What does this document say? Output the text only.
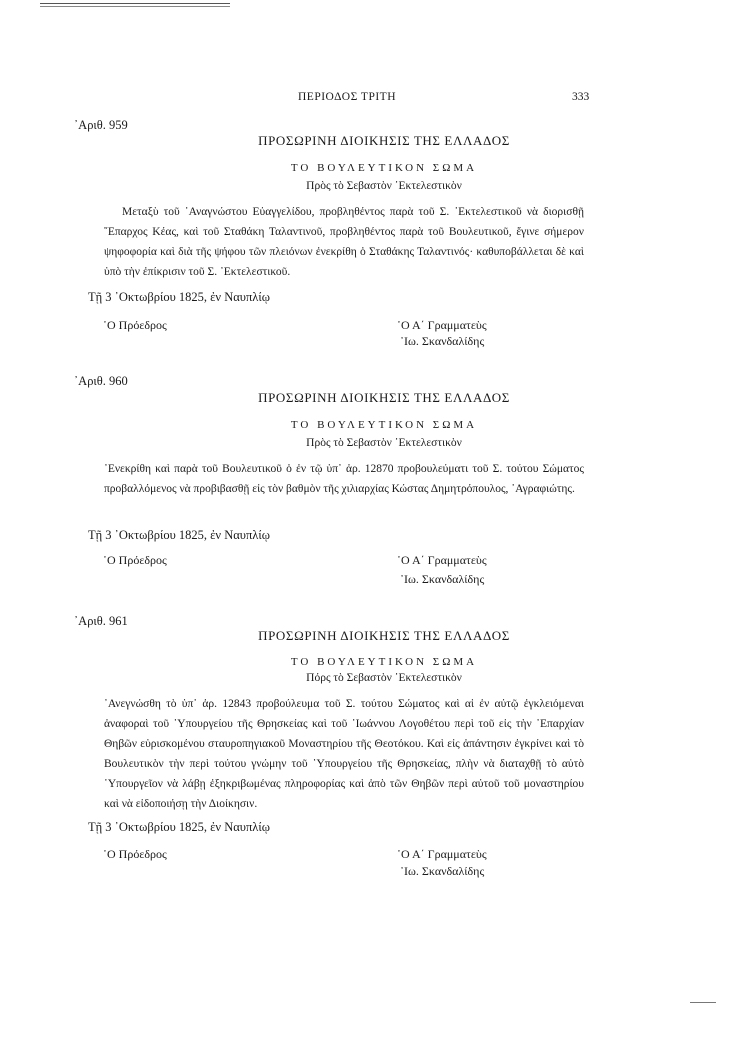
ΠΕΡΙΟΔΟΣ ΤΡΙΤΗ	333
᾽Αριθ. 959
ΠΡΟΣΩΡΙΝΗ ΔΙΟΙΚΗΣΙΣ ΤΗΣ ΕΛΛΑΔΟΣ
ΤΟ ΒΟΥΛΕΥΤΙΚΟΝ ΣΩΜΑ
Πρὸς τὸ Σεβαστὸν ᾽Εκτελεστικὸν

Μεταξὺ τοῦ ᾽Αναγνώστου Εὐαγγελίδου, προβληθέντος παρὰ τοῦ Σ. ᾽Εκτελεστικοῦ νὰ διορισθῇ ῞Επαρχος Κέας, καὶ τοῦ Σταθάκη Ταλαντινοῦ, προβληθέντος παρὰ τοῦ Βουλευτικοῦ, ἔγινε σήμερον ψηφοφορία καὶ διὰ τῆς ψήφου τῶν πλειόνων ἐνεκρίθη ὁ Σταθάκης Ταλαντινός· καθυποβάλλεται δὲ καὶ ὑπὸ τὴν ἐπίκρισιν τοῦ Σ. ᾽Εκτελεστικοῦ.

Τῇ 3 ᾽Οκτωβρίου 1825, ἐν Ναυπλίῳ
῾Ο Πρόεδρος	῾Ο Α΄ Γραμματεὺς
᾽Ιω. Σκανδαλίδης
᾽Αριθ. 960
ΠΡΟΣΩΡΙΝΗ ΔΙΟΙΚΗΣΙΣ ΤΗΣ ΕΛΛΑΔΟΣ
ΤΟ ΒΟΥΛΕΥΤΙΚΟΝ ΣΩΜΑ
Πρὸς τὸ Σεβαστὸν ᾽Εκτελεστικὸν

᾽Ενεκρίθη καὶ παρὰ τοῦ Βουλευτικοῦ ὁ ἐν τῷ ὑπ᾽ ἀρ. 12870 προβουλεύματι τοῦ Σ. τούτου Σώματος προβαλλόμενος νὰ προβιβασθῇ εἰς τὸν βαθμὸν τῆς χιλιαρχίας Κώστας Δημητρόπουλος, ᾽Αγραφιώτης.

Τῇ 3 ᾽Οκτωβρίου 1825, ἐν Ναυπλίῳ
῾Ο Πρόεδρος	῾Ο Α΄ Γραμματεὺς
᾽Ιω. Σκανδαλίδης
᾽Αριθ. 961
ΠΡΟΣΩΡΙΝΗ ΔΙΟΙΚΗΣΙΣ ΤΗΣ ΕΛΛΑΔΟΣ
ΤΟ ΒΟΥΛΕΥΤΙΚΟΝ ΣΩΜΑ
Πόρς τὸ Σεβαστὸν ᾽Εκτελεστικὸν

᾽Ανεγνώσθη τὸ ὑπ᾽ ἀρ. 12843 προβούλευμα τοῦ Σ. τούτου Σώματος καὶ αἱ ἐν αὐτῷ ἐγκλειόμεναι ἀναφοραὶ τοῦ ῾Υπουργείου τῆς Θρησκείας καὶ τοῦ ᾽Ιωάννου Λογοθέτου περὶ τοῦ εἰς τὴν ᾽Επαρχίαν Θηβῶν εὑρισκομένου σταυροπηγιακοῦ Μοναστηρίου τῆς Θεοτόκου. Καὶ εἰς ἀπάντησιν ἐγκρίνει καὶ τὸ Βουλευτικὸν τὴν περὶ τούτου γνώμην τοῦ ῾Υπουργείου τῆς Θρησκείας, πλὴν νὰ διαταχθῇ τὸ αὐτὸ ῾Υπουργεῖον νὰ λάβῃ ἐξηκριβωμένας πληροφορίας καὶ ἀπὸ τῶν Θηβῶν περὶ αὐτοῦ τοῦ μοναστηρίου καὶ νὰ εἰδοποιήσῃ τὴν Διοίκησιν.

Τῇ 3 ᾽Οκτωβρίου 1825, ἐν Ναυπλίῳ
῾Ο Πρόεδρος	῾Ο Α΄ Γραμματεὺς
᾽Ιω. Σκανδαλίδης
